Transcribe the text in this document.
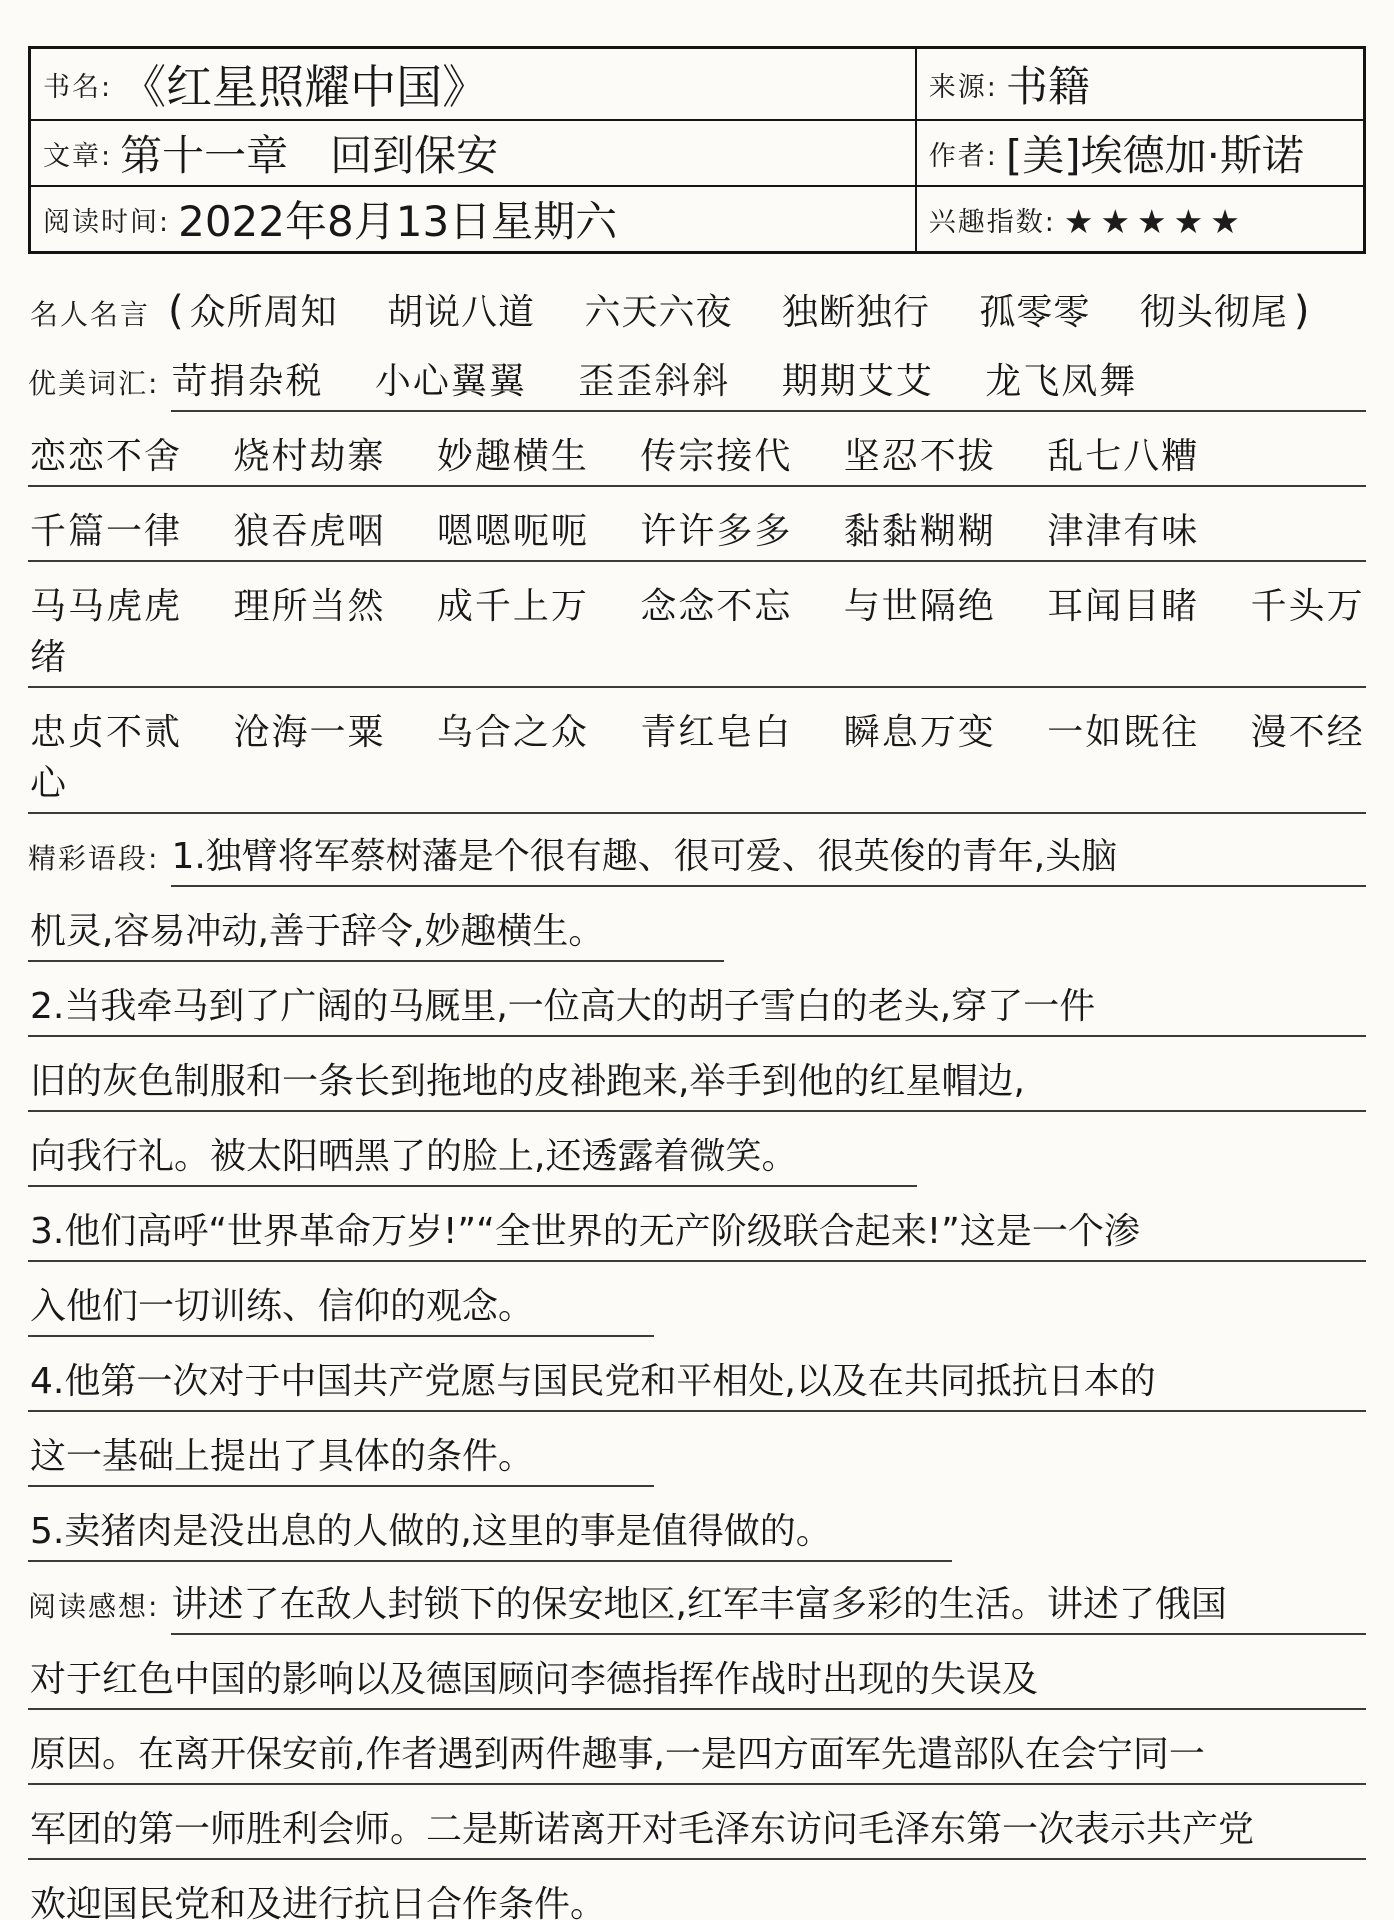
书名: 《红星照耀中国》	来源: 书籍
文章: 第十一章　回到保安	作者: [美]埃德加·斯诺
阅读时间: 2022年8月13日星期六	兴趣指数: ★★★★★
名人名言 ( 众所周知　 胡说八道　 六天六夜　 独断独行　 孤零零　 彻头彻尾 )
优美词汇: 苛捐杂税　 小心翼翼　 歪歪斜斜　 期期艾艾　 龙飞凤舞
恋恋不舍　 烧村劫寨　 妙趣横生　 传宗接代　 坚忍不拔　 乱七八糟
千篇一律　 狼吞虎咽　 嗯嗯呃呃　 许许多多　 黏黏糊糊　 津津有味
马马虎虎　 理所当然　 成千上万　 念念不忘　 与世隔绝　 耳闻目睹　 千头万绪
忠贞不贰　 沧海一粟　 乌合之众　 青红皂白　 瞬息万变　 一如既往　 漫不经心
精彩语段: 1.独臂将军蔡树藩是个很有趣、很可爱、很英俊的青年,头脑
机灵,容易冲动,善于辞令,妙趣横生。
2.当我牵马到了广阔的马厩里,一位高大的胡子雪白的老头,穿了一件
旧的灰色制服和一条长到拖地的皮褂跑来,举手到他的红星帽边,
向我行礼。被太阳晒黑了的脸上,还透露着微笑。
3.他们高呼“世界革命万岁!”“全世界的无产阶级联合起来!”这是一个渗
入他们一切训练、信仰的观念。
4.他第一次对于中国共产党愿与国民党和平相处,以及在共同抵抗日本的
这一基础上提出了具体的条件。
5.卖猪肉是没出息的人做的,这里的事是值得做的。
阅读感想: 讲述了在敌人封锁下的保安地区,红军丰富多彩的生活。讲述了俄国
对于红色中国的影响以及德国顾问李德指挥作战时出现的失误及
原因。在离开保安前,作者遇到两件趣事,一是四方面军先遣部队在会宁同一
军团的第一师胜利会师。二是斯诺离开对毛泽东访问毛泽东第一次表示共产党
欢迎国民党和及进行抗日合作条件。
